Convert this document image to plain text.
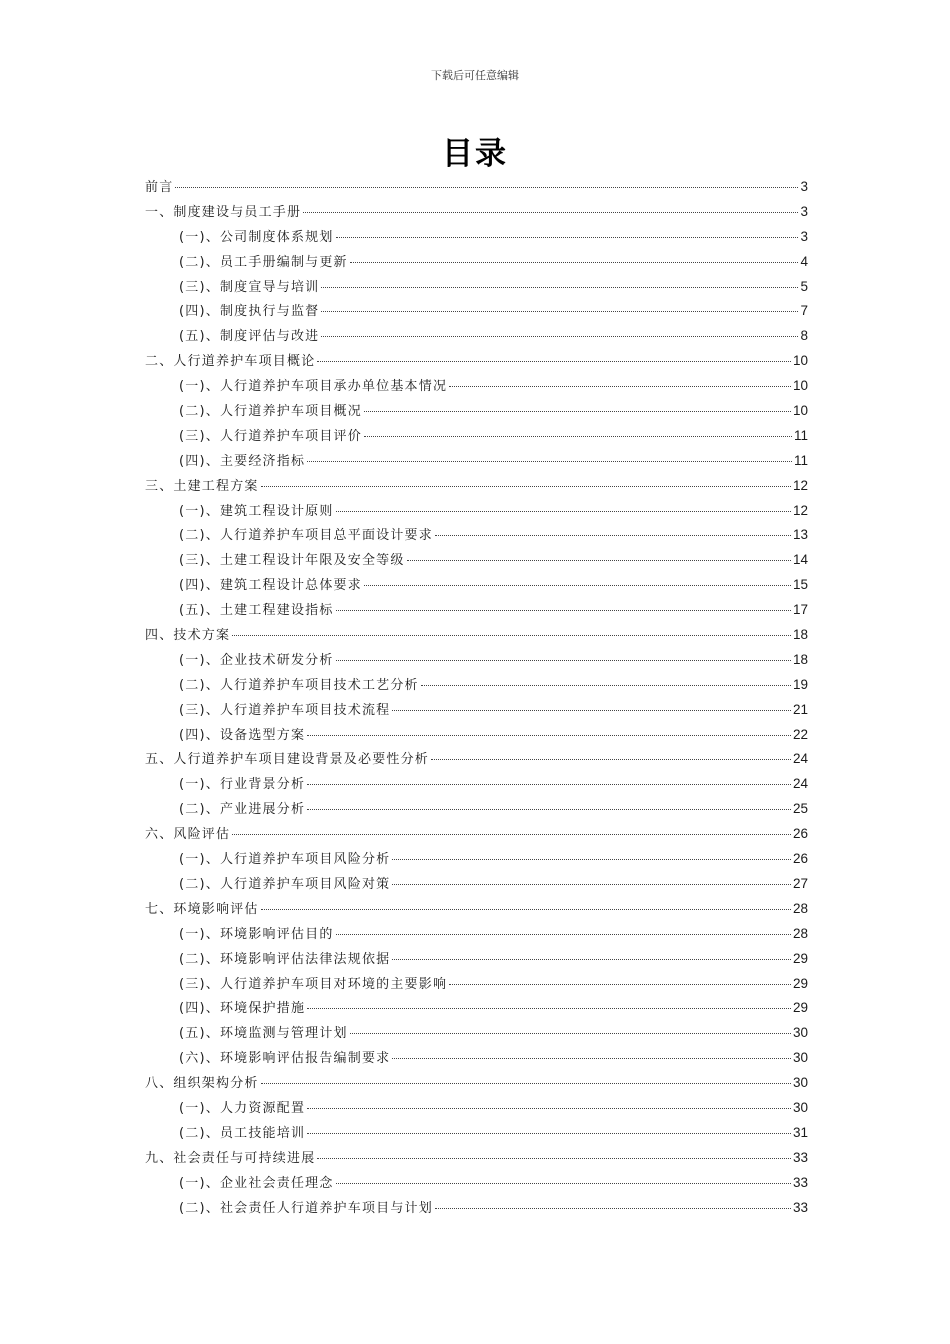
下载后可任意编辑
目录
前言	3
一、制度建设与员工手册	3
(一)、公司制度体系规划	3
(二)、员工手册编制与更新	4
(三)、制度宣导与培训	5
(四)、制度执行与监督	7
(五)、制度评估与改进	8
二、人行道养护车项目概论	10
(一)、人行道养护车项目承办单位基本情况	10
(二)、人行道养护车项目概况	10
(三)、人行道养护车项目评价	11
(四)、主要经济指标	11
三、土建工程方案	12
(一)、建筑工程设计原则	12
(二)、人行道养护车项目总平面设计要求	13
(三)、土建工程设计年限及安全等级	14
(四)、建筑工程设计总体要求	15
(五)、土建工程建设指标	17
四、技术方案	18
(一)、企业技术研发分析	18
(二)、人行道养护车项目技术工艺分析	19
(三)、人行道养护车项目技术流程	21
(四)、设备选型方案	22
五、人行道养护车项目建设背景及必要性分析	24
(一)、行业背景分析	24
(二)、产业进展分析	25
六、风险评估	26
(一)、人行道养护车项目风险分析	26
(二)、人行道养护车项目风险对策	27
七、环境影响评估	28
(一)、环境影响评估目的	28
(二)、环境影响评估法律法规依据	29
(三)、人行道养护车项目对环境的主要影响	29
(四)、环境保护措施	29
(五)、环境监测与管理计划	30
(六)、环境影响评估报告编制要求	30
八、组织架构分析	30
(一)、人力资源配置	30
(二)、员工技能培训	31
九、社会责任与可持续进展	33
(一)、企业社会责任理念	33
(二)、社会责任人行道养护车项目与计划	33
